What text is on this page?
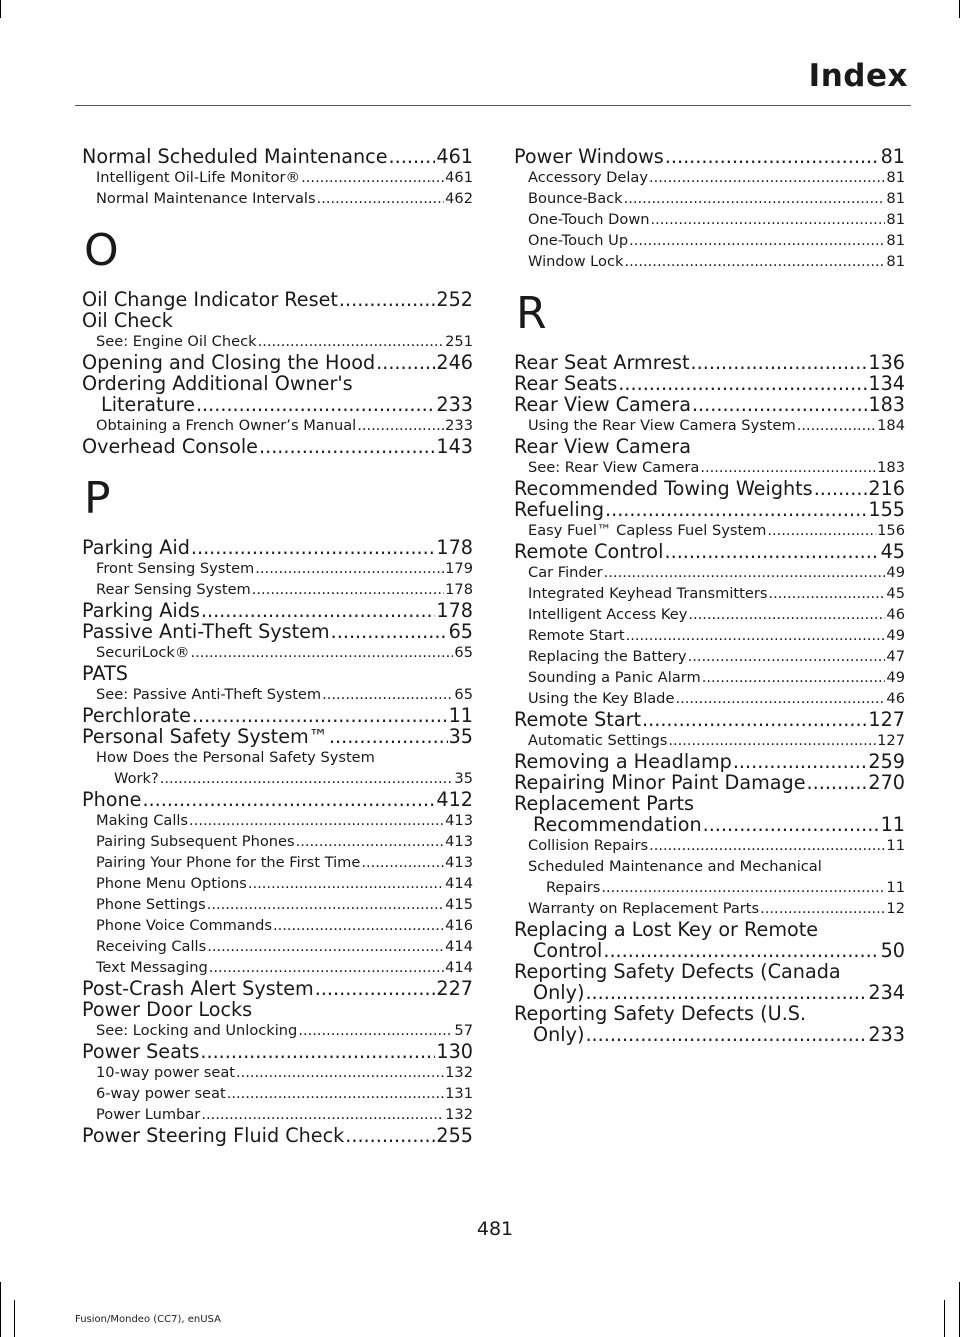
Index
Normal Scheduled Maintenance .....	461
Intelligent Oil-Life Monitor® .....	461
Normal Maintenance Intervals .....	462
O
Oil Change Indicator Reset .....	252
Oil Check
See: Engine Oil Check .....	251
Opening and Closing the Hood .....	246
Ordering Additional Owner's
Literature .....	233
Obtaining a French Owner’s Manual .....	233
Overhead Console .....	143
P
Parking Aid .....	178
Front Sensing System .....	179
Rear Sensing System .....	178
Parking Aids .....	178
Passive Anti-Theft System .....	65
SecuriLock® .....	65
PATS
See: Passive Anti-Theft System .....	65
Perchlorate .....	11
Personal Safety System™ .....	35
How Does the Personal Safety System
Work? .....	35
Phone .....	412
Making Calls .....	413
Pairing Subsequent Phones .....	413
Pairing Your Phone for the First Time .....	413
Phone Menu Options .....	414
Phone Settings .....	415
Phone Voice Commands .....	416
Receiving Calls .....	414
Text Messaging .....	414
Post-Crash Alert System .....	227
Power Door Locks
See: Locking and Unlocking .....	57
Power Seats .....	130
10-way power seat .....	132
6-way power seat .....	131
Power Lumbar .....	132
Power Steering Fluid Check .....	255
Power Windows .....	81
Accessory Delay .....	81
Bounce-Back .....	81
One-Touch Down .....	81
One-Touch Up .....	81
Window Lock .....	81
R
Rear Seat Armrest .....	136
Rear Seats .....	134
Rear View Camera .....	183
Using the Rear View Camera System .....	184
Rear View Camera
See: Rear View Camera .....	183
Recommended Towing Weights .....	216
Refueling .....	155
Easy Fuel™ Capless Fuel System .....	156
Remote Control .....	45
Car Finder .....	49
Integrated Keyhead Transmitters .....	45
Intelligent Access Key .....	46
Remote Start .....	49
Replacing the Battery .....	47
Sounding a Panic Alarm .....	49
Using the Key Blade .....	46
Remote Start .....	127
Automatic Settings .....	127
Removing a Headlamp .....	259
Repairing Minor Paint Damage .....	270
Replacement Parts
Recommendation .....	11
Collision Repairs .....	11
Scheduled Maintenance and Mechanical
Repairs .....	11
Warranty on Replacement Parts .....	12
Replacing a Lost Key or Remote
Control .....	50
Reporting Safety Defects (Canada
Only) .....	234
Reporting Safety Defects (U.S.
Only) .....	233
481
Fusion/Mondeo (CC7), enUSA
